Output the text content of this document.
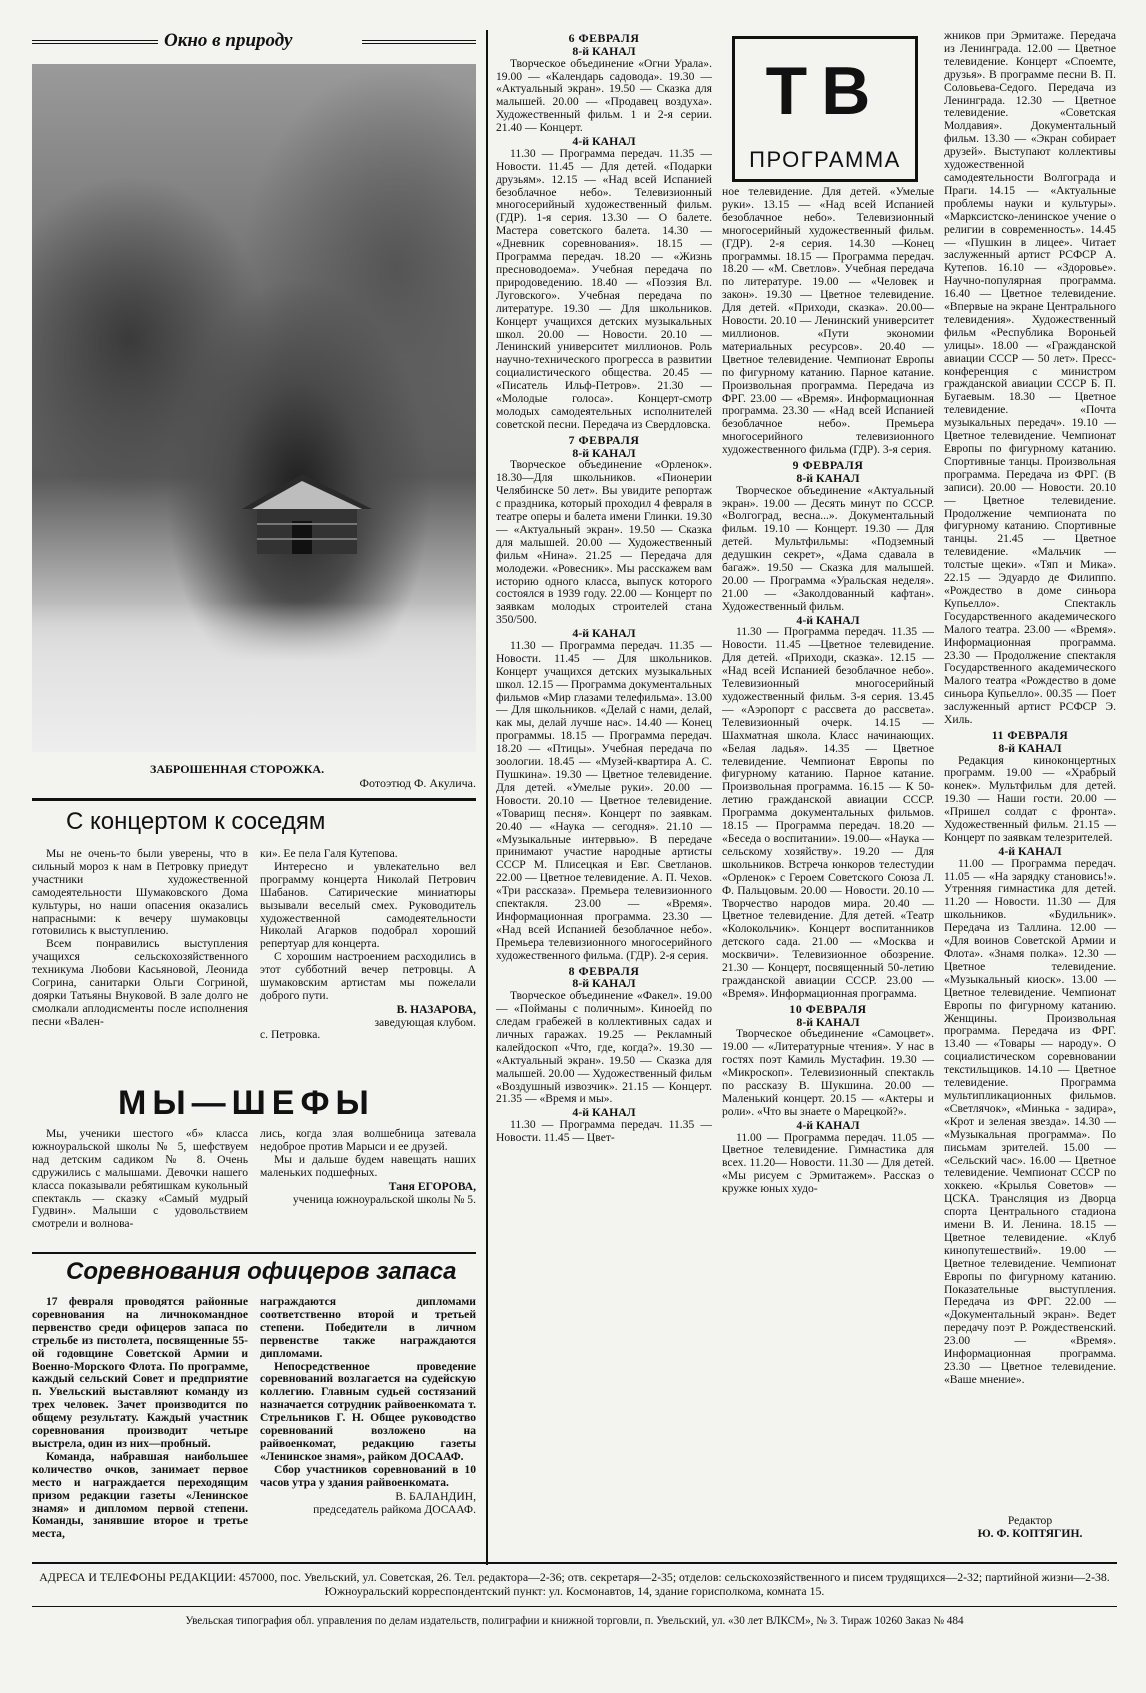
Окно в природу
ЗАБРОШЕННАЯ СТОРОЖКА.
Фотоэтюд Ф. Акулича.
С концертом к соседям

Мы не очень-то были уверены, что в сильный мороз к нам в Петровку приедут участники художественной самодеятельности Шумаковского Дома культуры, но наши опасения оказались напрасными: к вечеру шумаковцы готовились к выступлению.

Всем понравились выступления учащихся сельскохозяйственного техникума Любови Касьяновой, Леонида Согрина, санитарки Ольги Согриной, доярки Татьяны Внуковой. В зале долго не смолкали аплодисменты после исполнения песни «Вален-

ки». Ее пела Галя Кутепова.

Интересно и увлекательно вел программу концерта Николай Петрович Шабанов. Сатирические миниатюры вызывали веселый смех. Руководитель художественной самодеятельности Николай Агарков подобрал хороший репертуар для концерта.

С хорошим настроением расходились в этот субботний вечер петровцы. А шумаковским артистам мы пожелали доброго пути.

В. НАЗАРОВА,

заведующая клубом.

с. Петровка.

МЫ—ШЕФЫ

Мы, ученики шестого «б» класса южноуральской школы № 5, шефствуем над детским садиком № 8. Очень сдружились с малышами. Девочки нашего класса показывали ребятишкам кукольный спектакль — сказку «Самый мудрый Гудвин». Малыши с удовольствием смотрели и волнова-

лись, когда злая волшебница затевала недоброе против Марыси и ее друзей.

Мы и дальше будем навещать наших маленьких подшефных.

Таня ЕГОРОВА,

ученица южноуральской школы № 5.

Соревнования офицеров запаса

17 февраля проводятся районные соревнования на личнокомандное первенство среди офицеров запаса по стрельбе из пистолета, посвященные 55-ой годовщине Советской Армии и Военно-Морского Флота. По программе, каждый сельский Совет и предприятие п. Увельский выставляют команду из трех человек. Зачет производится по общему результату. Каждый участник соревнования производит четыре выстрела, один из них—пробный.

Команда, набравшая наибольшее количество очков, занимает первое место и награждается переходящим призом редакции газеты «Ленинское знамя» и дипломом первой степени. Команды, занявшие второе и третье места,

награждаются дипломами соответственно второй и третьей степени. Победители в личном первенстве также награждаются дипломами.

Непосредственное проведение соревнований возлагается на судейскую коллегию. Главным судьей состязаний назначается сотрудник райвоенкомата т. Стрельников Г. Н. Общее руководство соревнований возложено на райвоенкомат, редакцию газеты «Ленинское знамя», райком ДОСААФ.

Сбор участников соревнований в 10 часов утра у здания райвоенкомата.

В. БАЛАНДИН,

председатель райкома ДОСААФ.

ТВ
ПРОГРАММА

6 ФЕВРАЛЯ

8-й КАНАЛ

Творческое объединение «Огни Урала». 19.00 — «Календарь садовода». 19.30 — «Актуальный экран». 19.50 — Сказка для малышей. 20.00 — «Продавец воздуха». Художественный фильм. 1 и 2-я серии. 21.40 — Концерт.

4-й КАНАЛ

11.30 — Программа передач. 11.35 — Новости. 11.45 — Для детей. «Подарки друзьям». 12.15 — «Над всей Испанией безоблачное небо». Телевизионный многосерийный художественный фильм. (ГДР). 1-я серия. 13.30 — О балете. Мастера советского балета. 14.30 — «Дневник соревнования». 18.15 — Программа передач. 18.20 — «Жизнь пресноводоема». Учебная передача по природоведению. 18.40 — «Поэзия Вл. Луговского». Учебная передача по литературе. 19.30 — Для школьников. Концерт учащихся детских музыкальных школ. 20.00 — Новости. 20.10 — Ленинский университет миллионов. Роль научно-технического прогресса в развитии социалистического общества. 20.45 — «Писатель Ильф-Петров». 21.30 — «Молодые голоса». Концерт-смотр молодых самодеятельных исполнителей советской песни. Передача из Свердловска.

7 ФЕВРАЛЯ

8-й КАНАЛ

Творческое объединение «Орленок». 18.30—Для школьников. «Пионерии Челябинске 50 лет». Вы увидите репортаж с праздника, который проходил 4 февраля в театре оперы и балета имени Глинки. 19.30 — «Актуальный экран». 19.50 — Сказка для малышей. 20.00 — Художественный фильм «Нина». 21.25 — Передача для молодежи. «Ровесник». Мы расскажем вам историю одного класса, выпуск которого состоялся в 1939 году. 22.00 — Концерт по заявкам молодых строителей стана 350/500.

4-й КАНАЛ

11.30 — Программа передач. 11.35 — Новости. 11.45 — Для школьников. Концерт учащихся детских музыкальных школ. 12.15 — Программа документальных фильмов «Мир глазами телефильма». 13.00 — Для школьников. «Делай с нами, делай, как мы, делай лучше нас». 14.40 — Конец программы. 18.15 — Программа передач. 18.20 — «Птицы». Учебная передача по зоологии. 18.45 — «Музей-квартира А. С. Пушкина». 19.30 — Цветное телевидение. Для детей. «Умелые руки». 20.00 — Новости. 20.10 — Цветное телевидение. «Товарищ песня». Концерт по заявкам. 20.40 — «Наука — сегодня». 21.10 — «Музыкальные интервью». В передаче принимают участие народные артисты СССР М. Плисецкая и Евг. Светланов. 22.00 — Цветное телевидение. А. П. Чехов. «Три рассказа». Премьера телевизионного спектакля. 23.00 — «Время». Информационная программа. 23.30 — «Над всей Испанией безоблачное небо». Премьера телевизионного многосерийного художественного фильма. (ГДР). 2-я серия.

8 ФЕВРАЛЯ

8-й КАНАЛ

Творческое объединение «Факел». 19.00 — «Пойманы с поличным». Киноейд по следам грабежей в коллективных садах и личных гаражах. 19.25 — Рекламный калейдоскоп «Что, где, когда?». 19.30 — «Актуальный экран». 19.50 — Сказка для малышей. 20.00 — Художественный фильм «Воздушный извозчик». 21.15 — Концерт. 21.35 — «Время и мы».

4-й КАНАЛ

11.30 — Программа передач. 11.35 — Новости. 11.45 — Цвет-

ное телевидение. Для детей. «Умелые руки». 13.15 — «Над всей Испанией безоблачное небо». Телевизионный многосерийный художественный фильм. (ГДР). 2-я серия. 14.30 —Конец программы. 18.15 — Программа передач. 18.20 — «М. Светлов». Учебная передача по литературе. 19.00 — «Человек и закон». 19.30 — Цветное телевидение. Для детей. «Приходи, сказка». 20.00— Новости. 20.10 — Ленинский университет миллионов. «Пути экономии материальных ресурсов». 20.40 — Цветное телевидение. Чемпионат Европы по фигурному катанию. Парное катание. Произвольная программа. Передача из ФРГ. 23.00 — «Время». Информационная программа. 23.30 — «Над всей Испанией безоблачное небо». Премьера многосерийного телевизионного художественного фильма (ГДР). 3-я серия.

9 ФЕВРАЛЯ

8-й КАНАЛ

Творческое объединение «Актуальный экран». 19.00 — Десять минут по СССР. «Волгоград, весна...». Документальный фильм. 19.10 — Концерт. 19.30 — Для детей. Мультфильмы: «Подземный дедушкин секрет», «Дама сдавала в багаж». 19.50 — Сказка для малышей. 20.00 — Программа «Уральская неделя». 21.00 — «Заколдованный кафтан». Художественный фильм.

4-й КАНАЛ

11.30 — Программа передач. 11.35 — Новости. 11.45 —Цветное телевидение. Для детей. «Приходи, сказка». 12.15 — «Над всей Испанией безоблачное небо». Телевизионный многосерийный художественный фильм. 3-я серия. 13.45— «Аэропорт с рассвета до рассвета». Телевизионный очерк. 14.15 — Шахматная школа. Класс начинающих. «Белая ладья». 14.35 — Цветное телевидение. Чемпионат Европы по фигурному катанию. Парное катание. Произвольная программа. 16.15 — К 50-летию гражданской авиации СССР. Программа документальных фильмов. 18.15 — Программа передач. 18.20 — «Беседа о воспитании». 19.00— «Наука — сельскому хозяйству». 19.20 — Для школьников. Встреча юнкоров телестудии «Орленок» с Героем Советского Союза Л. Ф. Пальцовым. 20.00 — Новости. 20.10 — Творчество народов мира. 20.40 — Цветное телевидение. Для детей. «Театр «Колокольчик». Концерт воспитанников детского сада. 21.00 — «Москва и москвичи». Телевизионное обозрение. 21.30 — Концерт, посвященный 50-летию гражданской авиации СССР. 23.00 — «Время». Информационная программа.

10 ФЕВРАЛЯ

8-й КАНАЛ

Творческое объединение «Самоцвет». 19.00 — «Литературные чтения». У нас в гостях поэт Камиль Мустафин. 19.30 — «Микроскоп». Телевизионный спектакль по рассказу В. Шукшина. 20.00 — Маленький концерт. 20.15 — «Актеры и роли». «Что вы знаете о Марецкой?».

4-й КАНАЛ

11.00 — Программа передач. 11.05 — Цветное телевидение. Гимнастика для всех. 11.20— Новости. 11.30 — Для детей. «Мы рисуем с Эрмитажем». Рассказ о кружке юных худо-

жников при Эрмитаже. Передача из Ленинграда. 12.00 — Цветное телевидение. Концерт «Споемте, друзья». В программе песни В. П. Соловьева-Седого. Передача из Ленинграда. 12.30 — Цветное телевидение. «Советская Молдавия». Документальный фильм. 13.30 — «Экран собирает друзей». Выступают коллективы художественной самодеятельности Волгограда и Праги. 14.15 — «Актуальные проблемы науки и культуры». «Марксистско-ленинское учение о религии в современность». 14.45 — «Пушкин в лицее». Читает заслуженный артист РСФСР А. Кутепов. 16.10 — «Здоровье». Научно-популярная программа. 16.40 — Цветное телевидение. «Впервые на экране Центрального телевидения». Художественный фильм «Республика Вороньей улицы». 18.00 — «Гражданской авиации СССР — 50 лет». Пресс-конференция с министром гражданской авиации СССР Б. П. Бугаевым. 18.30 — Цветное телевидение. «Почта музыкальных передач». 19.10 — Цветное телевидение. Чемпионат Европы по фигурному катанию. Спортивные танцы. Произвольная программа. Передача из ФРГ. (В записи). 20.00 — Новости. 20.10 — Цветное телевидение. Продолжение чемпионата по фигурному катанию. Спортивные танцы. 21.45 — Цветное телевидение. «Мальчик — толстые щеки». «Тяп и Мика». 22.15 — Эдуардо де Филиппо. «Рождество в доме синьора Купьелло». Спектакль Государственного академического Малого театра. 23.00 — «Время». Информационная программа. 23.30 — Продолжение спектакля Государственного академического Малого театра «Рождество в доме синьора Купьелло». 00.35 — Поет заслуженный артист РСФСР Э. Хиль.

11 ФЕВРАЛЯ

8-й КАНАЛ

Редакция киноконцертных программ. 19.00 — «Храбрый конек». Мультфильм для детей. 19.30 — Наши гости. 20.00 — «Пришел солдат с фронта». Художественный фильм. 21.15 — Концерт по заявкам телезрителей.

4-й КАНАЛ

11.00 — Программа передач. 11.05 — «На зарядку становись!». Утренняя гимнастика для детей. 11.20 — Новости. 11.30 — Для школьников. «Будильник». Передача из Таллина. 12.00 — «Для воинов Советской Армии и Флота». «Знамя полка». 12.30 — Цветное телевидение. «Музыкальный киоск». 13.00 — Цветное телевидение. Чемпионат Европы по фигурному катанию. Женщины. Произвольная программа. Передача из ФРГ. 13.40 — «Товары — народу». О социалистическом соревновании текстильщиков. 14.10 — Цветное телевидение. Программа мультипликационных фильмов. «Светлячок», «Минька - задира», «Крот и зеленая звезда». 14.30 — «Музыкальная программа». По письмам зрителей. 15.00 — «Сельский час». 16.00 — Цветное телевидение. Чемпионат СССР по хоккею. «Крылья Советов» — ЦСКА. Трансляция из Дворца спорта Центрального стадиона имени В. И. Ленина. 18.15 — Цветное телевидение. «Клуб кинопутешествий». 19.00 — Цветное телевидение. Чемпионат Европы по фигурному катанию. Показательные выступления. Передача из ФРГ. 22.00 — «Документальный экран». Ведет передачу поэт Р. Рождественский. 23.00 — «Время». Информационная программа. 23.30 — Цветное телевидение. «Ваше мнение».

Редактор

Ю. Ф. КОПТЯГИН.

АДРЕСА И ТЕЛЕФОНЫ РЕДАКЦИИ: 457000, пос. Увельский, ул. Советская, 26. Тел. редактора—2-36; отв. секретаря—2-35; отделов: сельскохозяйственного и писем трудящихся—2-32; партийной жизни—2-38. Южноуральский корреспондентский пункт: ул. Космонавтов, 14, здание горисполкома, комната 15.
Увельская типография обл. управления по делам издательств, полиграфии и книжной торговли, п. Увельский, ул. «30 лет ВЛКСМ», № 3. Тираж 10260 Заказ № 484
